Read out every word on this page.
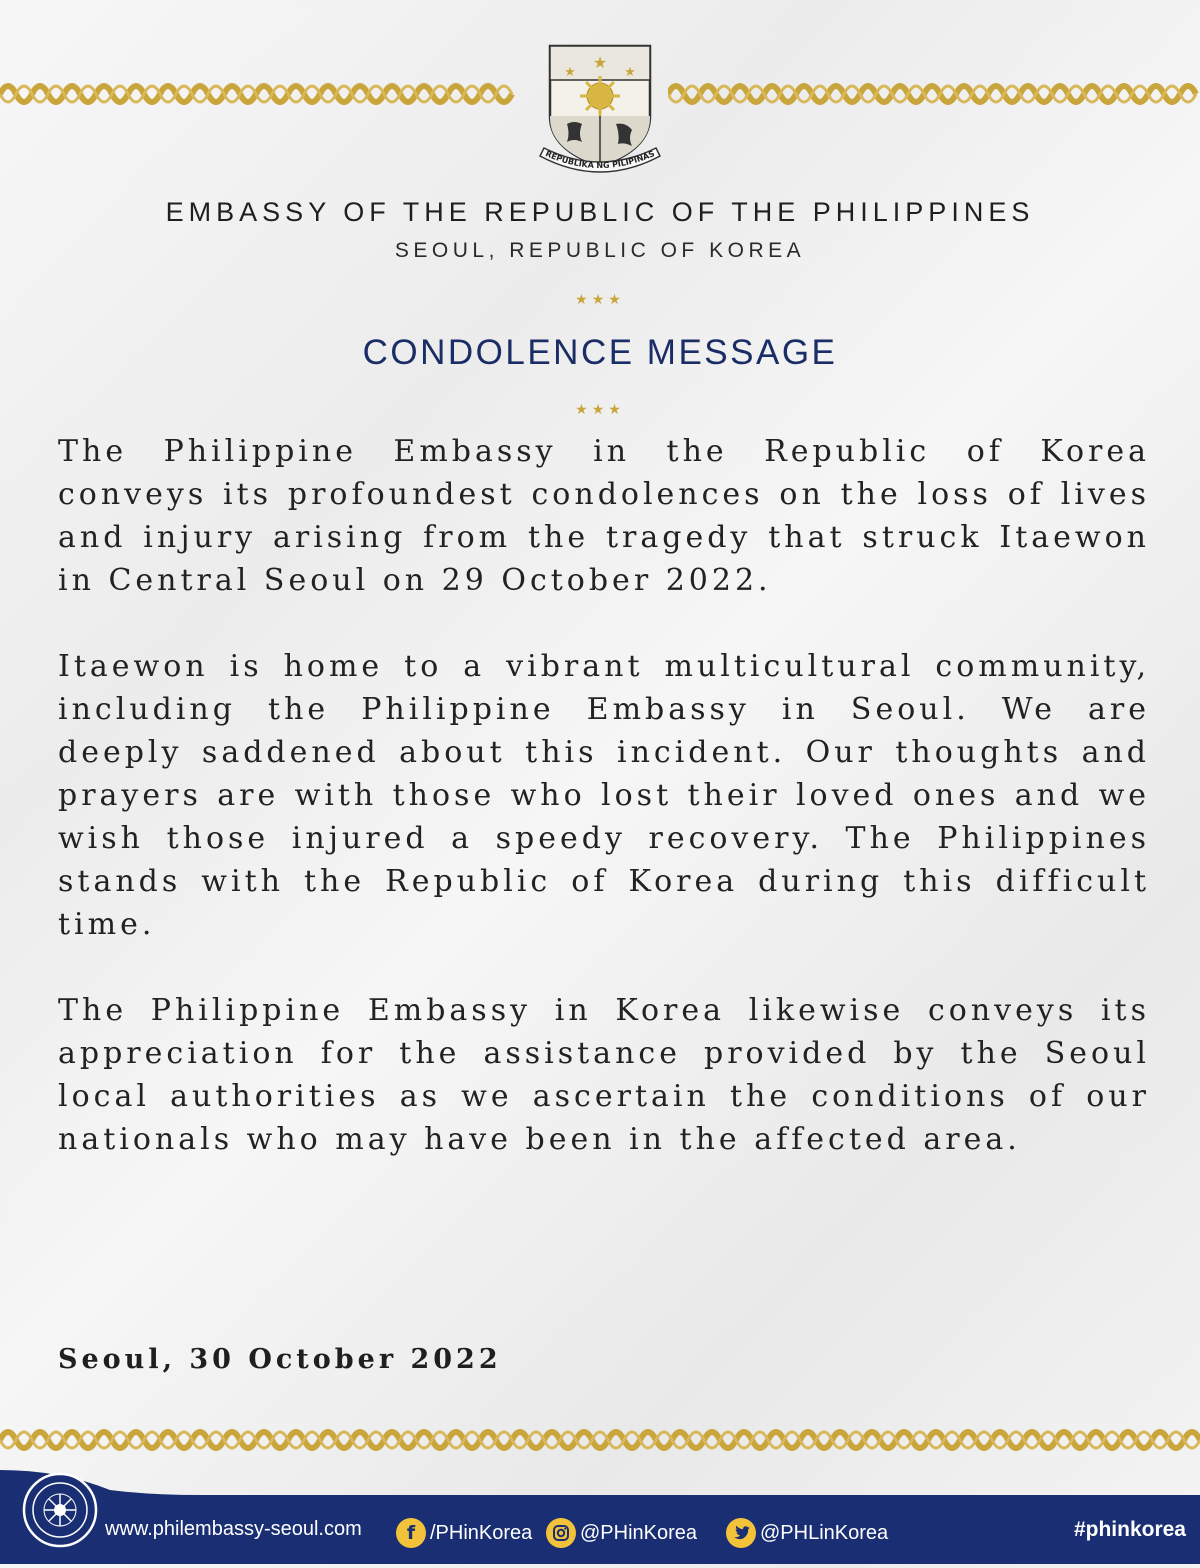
★
★	★
REPUBLIKA NG PILIPINAS
EMBASSY OF THE REPUBLIC OF THE PHILIPPINES
SEOUL, REPUBLIC OF KOREA
★★★
CONDOLENCE MESSAGE
★★★

The Philippine Embassy in the Republic of Korea conveys its profoundest condolences on the loss of lives and injury arising from the tragedy that struck Itaewon in Central Seoul on 29 October 2022.

Itaewon is home to a vibrant multicultural community, including the Philippine Embassy in Seoul. We are deeply saddened about this incident. Our thoughts and prayers are with those who lost their loved ones and we wish those injured a speedy recovery. The Philippines stands with the Republic of Korea during this difficult time.

The Philippine Embassy in Korea likewise conveys its appreciation for the assistance provided by the Seoul local authorities as we ascertain the conditions of our nationals who may have been in the affected area.

Seoul, 30 October 2022
www.philembassy-seoul.com	f /PHinKorea @PHinKorea	@PHLinKorea	#phinkorea
